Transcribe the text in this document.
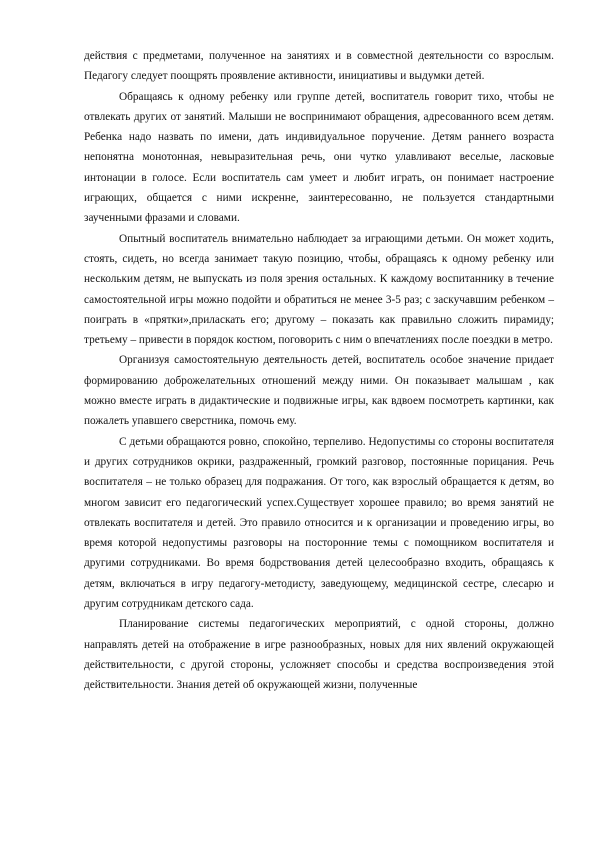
действия с предметами, полученное на занятиях и в совместной деятельности со взрослым. Педагогу следует поощрять проявление активности, инициативы и выдумки детей.

Обращаясь к одному ребенку или группе детей, воспитатель говорит тихо, чтобы не отвлекать других от занятий. Малыши не воспринимают обращения, адресованного всем детям. Ребенка надо назвать по имени, дать индивидуальное поручение. Детям раннего возраста непонятна монотонная, невыразительная речь, они чутко улавливают веселые, ласковые интонации в голосе. Если воспитатель сам умеет и любит играть, он понимает настроение играющих, общается с ними искренне, заинтересованно, не пользуется стандартными заученными фразами и словами.

Опытный воспитатель внимательно наблюдает за играющими детьми. Он может ходить, стоять, сидеть, но всегда занимает такую позицию, чтобы, обращаясь к одному ребенку или нескольким детям, не выпускать из поля зрения остальных. К каждому воспитаннику в течение самостоятельной игры можно подойти и обратиться не менее 3-5 раз; с заскучавшим ребенком – поиграть в «прятки»,приласкать его; другому – показать как правильно сложить пирамиду; третьему – привести в порядок костюм, поговорить с ним о впечатлениях после поездки в метро.

Организуя самостоятельную деятельность детей, воспитатель особое значение придает формированию доброжелательных отношений между ними. Он показывает малышам , как можно вместе играть в дидактические и подвижные игры, как вдвоем посмотреть картинки, как пожалеть упавшего сверстника, помочь ему.

С детьми обращаются ровно, спокойно, терпеливо. Недопустимы со стороны воспитателя и других сотрудников окрики, раздраженный, громкий разговор, постоянные порицания. Речь воспитателя – не только образец для подражания. От того, как взрослый обращается к детям, во многом зависит его педагогический успех.Существует хорошее правило; во время занятий не отвлекать воспитателя и детей. Это правило относится и к организации и проведению игры, во время которой недопустимы разговоры на посторонние темы с помощником воспитателя и другими сотрудниками. Во время бодрствования детей целесообразно входить, обращаясь к детям, включаться в игру педагогу-методисту, заведующему, медицинской сестре, слесарю и другим сотрудникам детского сада.

Планирование системы педагогических мероприятий, с одной стороны, должно направлять детей на отображение в игре разнообразных, новых для них явлений окружающей действительности, с другой стороны, усложняет способы и средства воспроизведения этой действительности. Знания детей об окружающей жизни, полученные
